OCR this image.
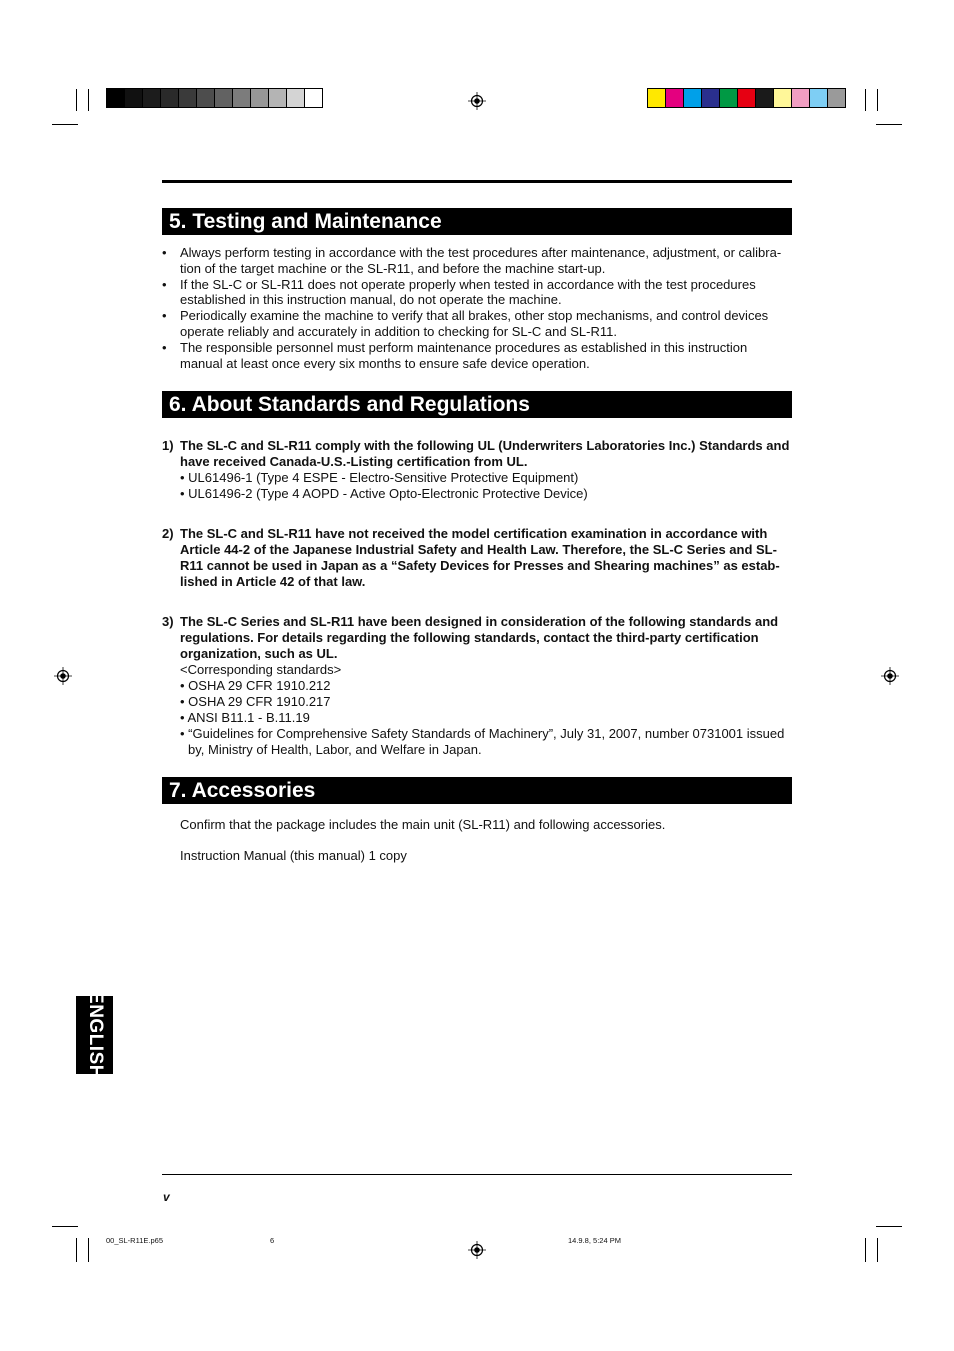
5. Testing and Maintenance
• Always perform testing in accordance with the test procedures after maintenance, adjustment, or calibra-tion of the target machine or the SL-R11, and before the machine start-up.
• If the SL-C or SL-R11 does not operate properly when tested in accordance with the test procedures established in this instruction manual, do not operate the machine.
• Periodically examine the machine to verify that all brakes, other stop mechanisms, and control devices operate reliably and accurately in addition to checking for SL-C and SL-R11.
• The responsible personnel must perform maintenance procedures as established in this instruction manual at least once every six months to ensure safe device operation.
6. About Standards and Regulations
1) The SL-C and SL-R11 comply with the following UL (Underwriters Laboratories Inc.) Standards and have received Canada-U.S.-Listing certification from UL.
• UL61496-1 (Type 4 ESPE - Electro-Sensitive Protective Equipment)
• UL61496-2 (Type 4 AOPD - Active Opto-Electronic Protective Device)
2) The SL-C and SL-R11 have not received the model certification examination in accordance with Article 44-2 of the Japanese Industrial Safety and Health Law. Therefore, the SL-C Series and SL-R11 cannot be used in Japan as a “Safety Devices for Presses and Shearing machines” as estab-lished in Article 42 of that law.
3) The SL-C Series and SL-R11 have been designed in consideration of the following standards and regulations. For details regarding the following standards, contact the third-party certification organization, such as UL.
<Corresponding standards>
• OSHA 29 CFR 1910.212
• OSHA 29 CFR 1910.217
• ANSI B11.1 - B.11.19
• “Guidelines for Comprehensive Safety Standards of Machinery”, July 31, 2007, number 0731001 issued by, Ministry of Health, Labor, and Welfare in Japan.
7. Accessories
Confirm that the package includes the main unit (SL-R11) and following accessories.
Instruction Manual (this manual) 1 copy
ENGLISH
v
00_SL-R11E.p65	6	14.9.8, 5:24 PM
